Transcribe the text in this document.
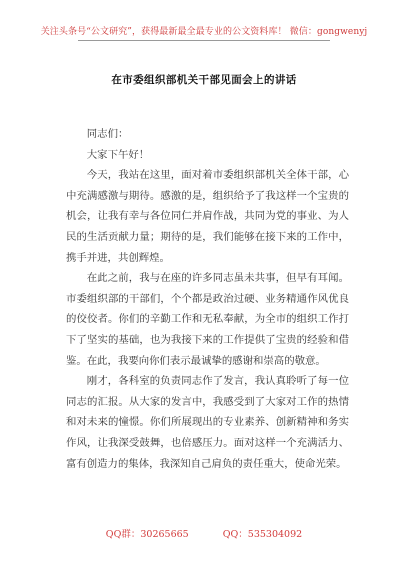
关注头条号“公文研究”，获得最新最全最专业的公文资料库！ 微信：gongwenyj
在市委组织部机关干部见面会上的讲话

同志们：

大家下午好！

今天，我站在这里，面对着市委组织部机关全体干部，心中充满感激与期待。感激的是，组织给予了我这样一个宝贵的机会，让我有幸与各位同仁并肩作战，共同为党的事业、为人民的生活贡献力量；期待的是，我们能够在接下来的工作中，携手并进，共创辉煌。

在此之前，我与在座的许多同志虽未共事，但早有耳闻。市委组织部的干部们，个个都是政治过硬、业务精通作风优良的佼佼者。你们的辛勤工作和无私奉献，为全市的组织工作打下了坚实的基础，也为我接下来的工作提供了宝贵的经验和借鉴。在此，我要向你们表示最诚挚的感谢和崇高的敬意。

刚才，各科室的负责同志作了发言，我认真聆听了每一位同志的汇报。从大家的发言中，我感受到了大家对工作的热情和对未来的憧憬。你们所展现出的专业素养、创新精神和务实作风，让我深受鼓舞，也倍感压力。面对这样一个充满活力、富有创造力的集体，我深知自己肩负的责任重大，使命光荣。

QQ群：30265665	QQ：535304092
